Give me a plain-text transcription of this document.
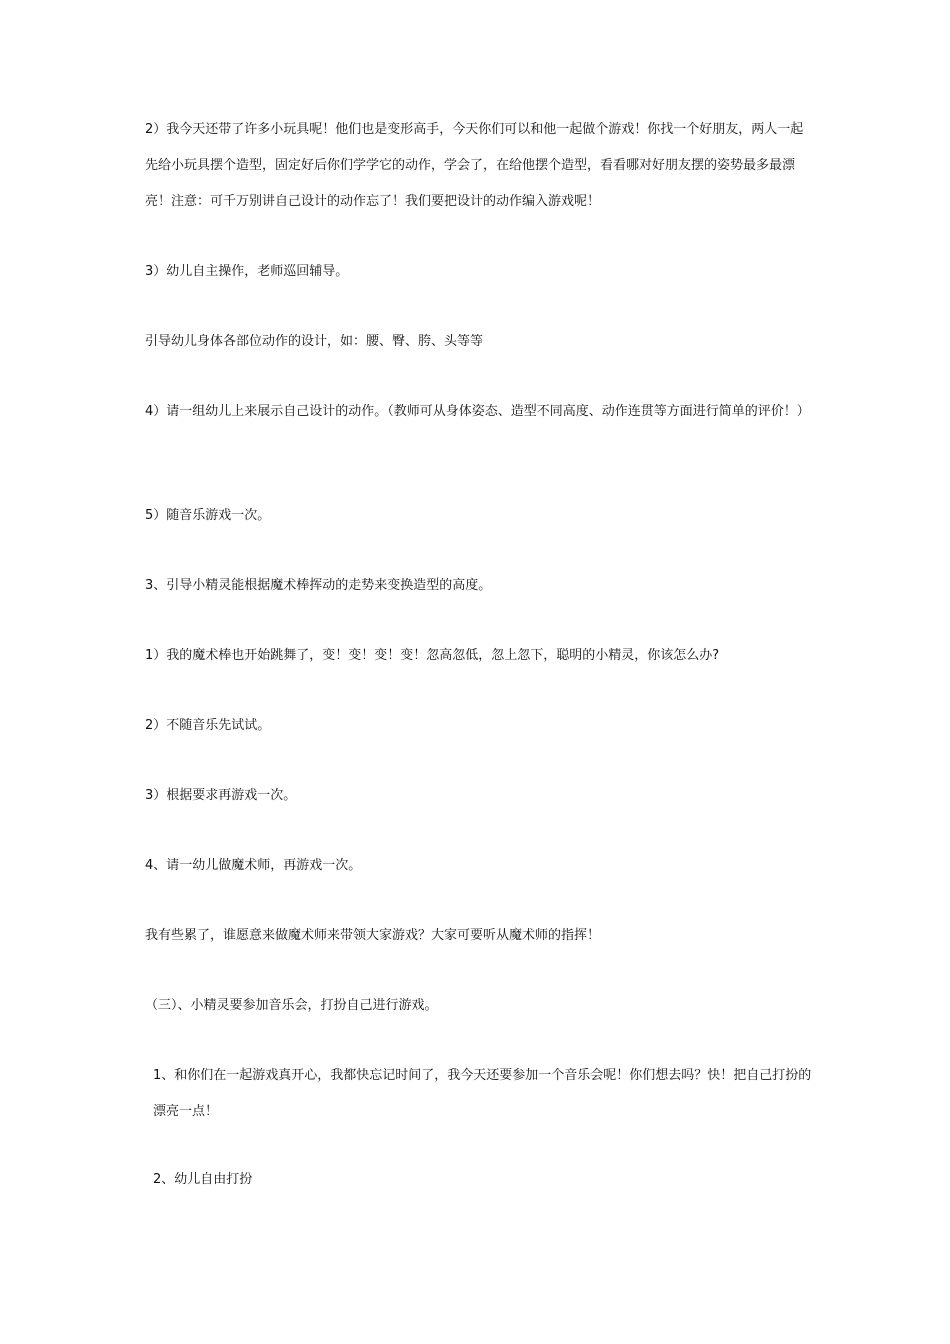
2）我今天还带了许多小玩具呢！他们也是变形高手，今天你们可以和他一起做个游戏！你找一个好朋友，两人一起先给小玩具摆个造型，固定好后你们学学它的动作，学会了，在给他摆个造型，看看哪对好朋友摆的姿势最多最漂亮！注意：可千万别讲自己设计的动作忘了！我们要把设计的动作编入游戏呢！

3）幼儿自主操作，老师巡回辅导。

引导幼儿身体各部位动作的设计，如：腰、臀、胯、头等等

4）请一组幼儿上来展示自己设计的动作。（教师可从身体姿态、造型不同高度、动作连贯等方面进行简单的评价！）

5）随音乐游戏一次。

3、引导小精灵能根据魔术棒挥动的走势来变换造型的高度。

1）我的魔术棒也开始跳舞了，变！变！变！变！忽高忽低，忽上忽下，聪明的小精灵，你该怎么办?

2）不随音乐先试试。

3）根据要求再游戏一次。

4、请一幼儿做魔术师，再游戏一次。

我有些累了，谁愿意来做魔术师来带领大家游戏？大家可要听从魔术师的指挥！

（三）、小精灵要参加音乐会，打扮自己进行游戏。

1、和你们在一起游戏真开心，我都快忘记时间了，我今天还要参加一个音乐会呢！你们想去吗？快！把自己打扮的漂亮一点！

2、幼儿自由打扮
